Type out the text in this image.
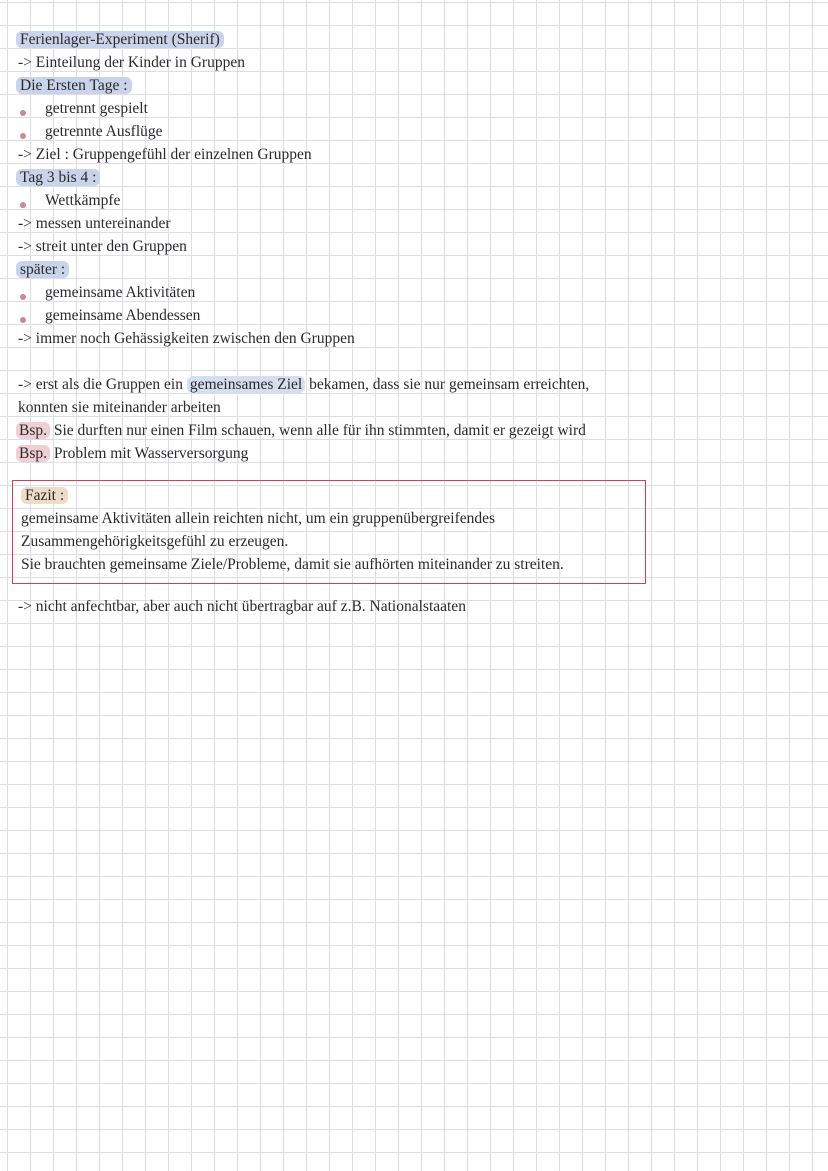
Ferienlager-Experiment (Sherif)
-> Einteilung der Kinder in Gruppen
Die Ersten Tage :
getrennt gespielt
getrennte Ausflüge
-> Ziel : Gruppengefühl der einzelnen Gruppen
Tag 3 bis 4 :
Wettkämpfe
-> messen untereinander
-> streit unter den Gruppen
später :
gemeinsame Aktivitäten
gemeinsame Abendessen
-> immer noch Gehässigkeiten zwischen den Gruppen
-> erst als die Gruppen ein gemeinsames Ziel bekamen, dass sie nur gemeinsam erreichten,
konnten sie miteinander arbeiten
Bsp. Sie durften nur einen Film schauen, wenn alle für ihn stimmten, damit er gezeigt wird
Bsp. Problem mit Wasserversorgung
Fazit :
gemeinsame Aktivitäten allein reichten nicht, um ein gruppenübergreifendes
Zusammengehörigkeitsgefühl zu erzeugen.
Sie brauchten gemeinsame Ziele/Probleme, damit sie aufhörten miteinander zu streiten.
-> nicht anfechtbar, aber auch nicht übertragbar auf z.B. Nationalstaaten
